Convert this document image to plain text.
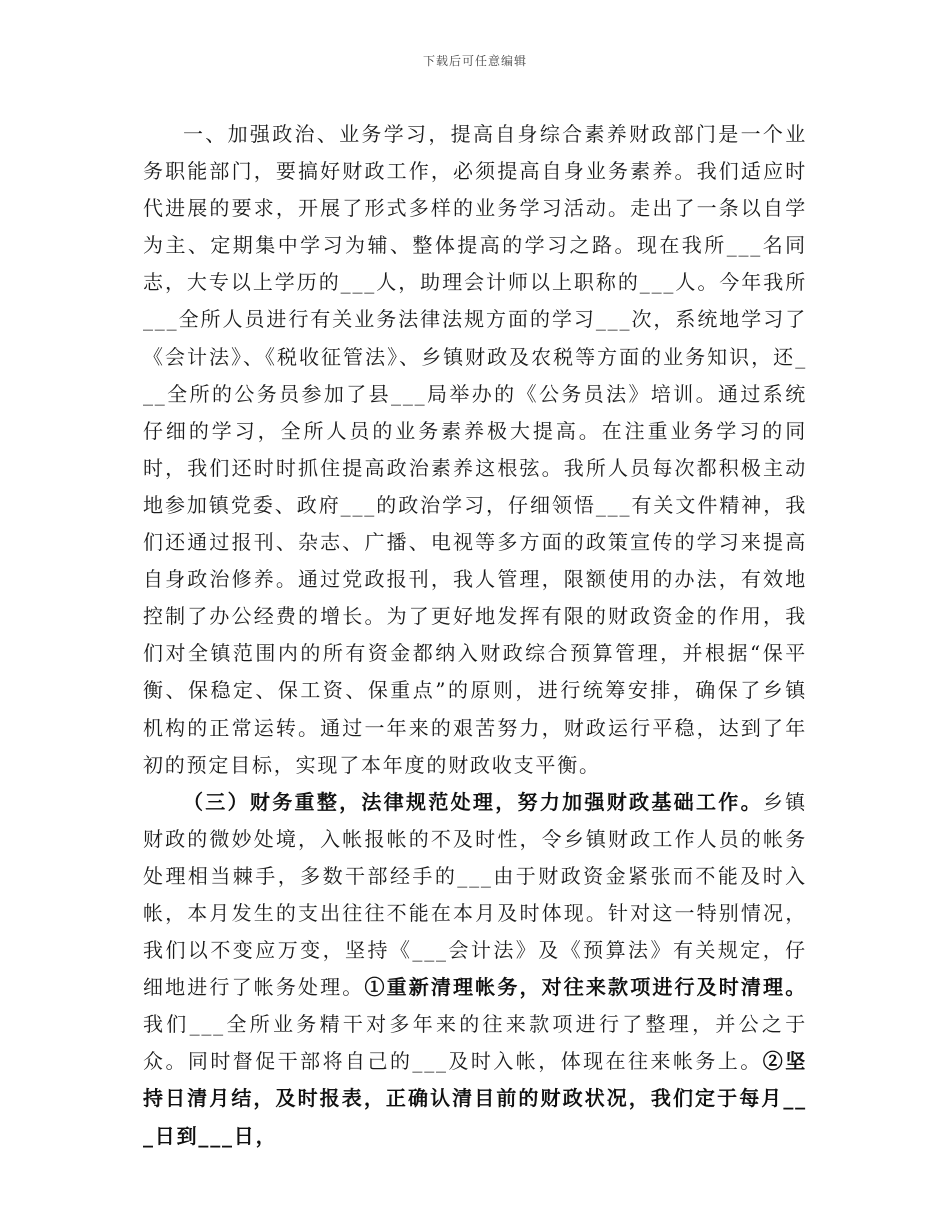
下载后可任意编辑

一、加强政治、业务学习，提高自身综合素养财政部门是一个业务职能部门，要搞好财政工作，必须提高自身业务素养。我们适应时代进展的要求，开展了形式多样的业务学习活动。走出了一条以自学为主、定期集中学习为辅、整体提高的学习之路。现在我所___名同志，大专以上学历的___人，助理会计师以上职称的___人。今年我所___全所人员进行有关业务法律法规方面的学习___次，系统地学习了《会计法》、《税收征管法》、乡镇财政及农税等方面的业务知识，还___全所的公务员参加了县___局举办的《公务员法》培训。通过系统仔细的学习，全所人员的业务素养极大提高。在注重业务学习的同时，我们还时时抓住提高政治素养这根弦。我所人员每次都积极主动地参加镇党委、政府___的政治学习，仔细领悟___有关文件精神，我们还通过报刊、杂志、广播、电视等多方面的政策宣传的学习来提高自身政治修养。通过党政报刊，我人管理，限额使用的办法，有效地控制了办公经费的增长。为了更好地发挥有限的财政资金的作用，我们对全镇范围内的所有资金都纳入财政综合预算管理，并根据“保平衡、保稳定、保工资、保重点”的原则，进行统筹安排，确保了乡镇机构的正常运转。通过一年来的艰苦努力，财政运行平稳，达到了年初的预定目标，实现了本年度的财政收支平衡。

（三）财务重整，法律规范处理，努力加强财政基础工作。乡镇财政的微妙处境，入帐报帐的不及时性，令乡镇财政工作人员的帐务处理相当棘手，多数干部经手的___由于财政资金紧张而不能及时入帐，本月发生的支出往往不能在本月及时体现。针对这一特别情况，我们以不变应万变，坚持《___会计法》及《预算法》有关规定，仔细地进行了帐务处理。①重新清理帐务，对往来款项进行及时清理。我们___全所业务精干对多年来的往来款项进行了整理，并公之于众。同时督促干部将自己的___及时入帐，体现在往来帐务上。②坚持日清月结，及时报表，正确认清目前的财政状况，我们定于每月___日到___日，
